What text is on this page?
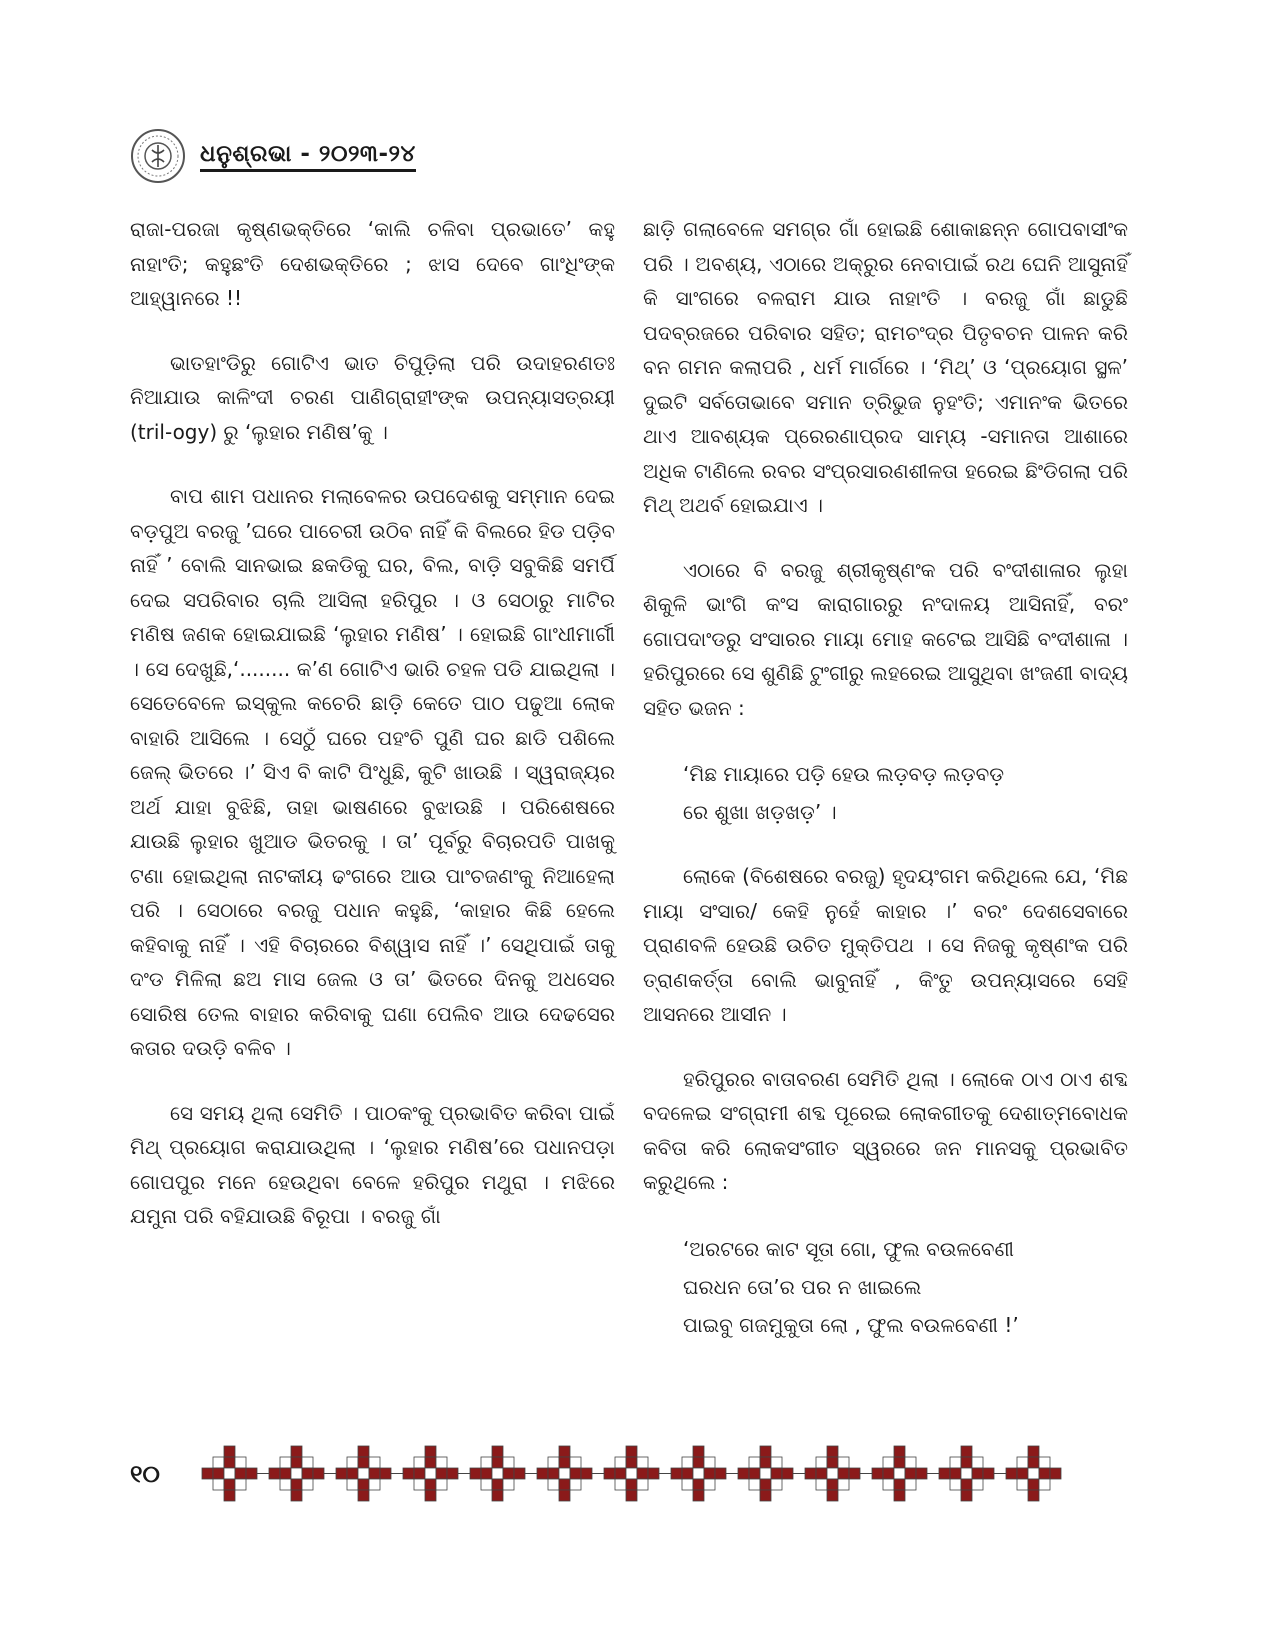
ଧନୁଶ୍ରଭା - ୨୦୨୩-୨୪

ରାଜା-ପରଜା କୃଷ୍ଣଭକ୍ତିରେ ‘କାଲି ଚଳିବା ପ୍ରଭାତେ’ କହୁ ନାହାଂତି; କହୁଛଂତି ଦେଶଭକ୍ତିରେ ; ଝାସ ଦେବେ ଗାଂଧିଂଙ୍କ ଆହ୍ୱାନରେ !!

ଭାତହାଂଡିରୁ ଗୋଟିଏ ଭାତ ଚିପୁଡ଼ିଲା ପରି ଉଦାହରଣତଃ ନିଆଯାଉ କାଳିଂଦୀ ଚରଣ ପାଣିଗ୍ରାହୀଂଙ୍କ ଉପନ୍ୟାସତ୍ରୟୀ (tril-ogy) ରୁ ‘ଲୁହାର ମଣିଷ’କୁ ।

ବାପ ଶାମ ପଧାନର ମଲାବେଳର ଉପଦେଶକୁ ସମ୍ମାନ ଦେଇ ବଡ଼ପୁଅ ବରଜୁ ’ଘରେ ପାଚେରୀ ଉଠିବ ନାହିଁ କି ବିଲରେ ହିଡ ପଡ଼ିବ ନାହିଁ ’ ବୋଲି ସାନଭାଇ ଛକଡିକୁ ଘର, ବିଲ, ବାଡ଼ି ସବୁକିଛି ସମର୍ପି ଦେଇ ସପରିବାର ଚାଲି ଆସିଲା ହରିପୁର । ଓ ସେଠାରୁ ମାଟିର ମଣିଷ ଜଣକ ହୋଇଯାଇଛି ‘ଲୁହାର ମଣିଷ’ । ହୋଇଛି ଗାଂଧୀମାର୍ଗୀ । ସେ ଦେଖୁଛି,‘........ କ’ଣ ଗୋଟିଏ ଭାରି ଚହଳ ପଡି ଯାଇଥିଲା । ସେତେବେଳେ ଇସ୍କୁଲ କଚେରି ଛାଡ଼ି କେତେ ପାଠ ପଢୁଆ ଲୋକ ବାହାରି ଆସିଲେ । ସେଠୁଁ ଘରେ ପହଂଚି ପୁଣି ଘର ଛାଡି ପଶିଲେ ଜେଲ୍ ଭିତରେ ।’ ସିଏ ବି କାଟି ପିଂଧୁଛି, କୁଟି ଖାଉଛି । ସ୍ୱରାଜ୍ୟର ଅର୍ଥ ଯାହା ବୁଝିଛି, ତାହା ଭାଷଣରେ ବୁଝାଉଛି । ପରିଶେଷରେ ଯାଉଛି ଲୁହାର ଖୁଆଡ ଭିତରକୁ । ତା’ ପୂର୍ବରୁ ବିଚାରପତି ପାଖକୁ ଟଣା ହୋଇଥିଲା ନାଟକୀୟ ଢଂଗରେ ଆଉ ପାଂଚଜଣଂକୁ ନିଆହେଲା ପରି । ସେଠାରେ ବରଜୁ ପଧାନ କହୁଛି, ‘କାହାର କିଛି ହେଲେ କହିବାକୁ ନାହିଁ । ଏହି ବିଚାରରେ ବିଶ୍ୱାସ ନାହିଁ ।’ ସେଥିପାଇଁ ତାକୁ ଦଂଡ ମିଳିଲା ଛଅ ମାସ ଜେଲ ଓ ତା’ ଭିତରେ ଦିନକୁ ଅଧସେର ସୋରିଷ ତେଲ ବାହାର କରିବାକୁ ଘଣା ପେଲିବ ଆଉ ଦେଢସେର କତାର ଦଉଡ଼ି ବଳିବ ।

ସେ ସମୟ ଥିଲା ସେମିତି । ପାଠକଂକୁ ପ୍ରଭାବିତ କରିବା ପାଇଁ ମିଥ୍ ପ୍ରୟୋଗ କରାଯାଉଥିଲା । ‘ଲୁହାର ମଣିଷ’ରେ ପଧାନପଡ଼ା ଗୋପପୁର ମନେ ହେଉଥିବା ବେଳେ ହରିପୁର ମଥୁରା । ମଝିରେ ଯମୁନା ପରି ବହିଯାଉଛି ବିରୂପା । ବରଜୁ ଗାଁ

ଛାଡ଼ି ଗଲାବେଳେ ସମଗ୍ର ଗାଁ ହୋଇଛି ଶୋକାଛନ୍ନ ଗୋପବାସୀଂକ ପରି । ଅବଶ୍ୟ, ଏଠାରେ ଅକ୍ରୁର ନେବାପାଇଁ ରଥ ଘେନି ଆସୁନାହିଁ କି ସାଂଗରେ ବଳରାମ ଯାଉ ନାହାଂତି । ବରଜୁ ଗାଁ ଛାଡୁଛି ପଦବ୍ରଜରେ ପରିବାର ସହିତ; ରାମଚଂଦ୍ର ପିତୃବଚନ ପାଳନ କରି ବନ ଗମନ କଲାପରି , ଧର୍ମ ମାର୍ଗରେ । ‘ମିଥ୍’ ଓ ‘ପ୍ରୟୋଗ ସ୍ଥଳ’ ଦୁଇଟି ସର୍ବତୋଭାବେ ସମାନ ତ୍ରିଭୁଜ ନୁହଂତି; ଏମାନଂକ ଭିତରେ ଥାଏ ଆବଶ୍ୟକ ପ୍ରେରଣାପ୍ରଦ ସାମ୍ୟ -ସମାନତା ଆଶାରେ ଅଧିକ ଟାଣିଲେ ରବର ସଂପ୍ରସାରଣଶୀଳତା ହରେଇ ଛିଂଡିଗଲା ପରି ମିଥ୍ ଅଥର୍ବ ହୋଇଯାଏ ।

ଏଠାରେ ବି ବରଜୁ ଶ୍ରୀକୃଷ୍ଣଂକ ପରି ବଂଦୀଶାଳାର ଲୁହା ଶିକୁଳି ଭାଂଗି କଂସ କାରାଗାରରୁ ନଂଦାଳୟ ଆସିନାହିଁ, ବରଂ ଗୋପଦାଂଡରୁ ସଂସାରର ମାୟା ମୋହ କଟେଇ ଆସିଛି ବଂଦୀଶାଳା । ହରିପୁରରେ ସେ ଶୁଣିଛି ଟୁଂଗୀରୁ ଲହରେଇ ଆସୁଥିବା ଖଂଜଣୀ ବାଦ୍ୟ ସହିତ ଭଜନ :

‘ମିଛ ମାୟାରେ ପଡ଼ି ହେଉ ଲଡ଼ବଡ଼ ଲଡ଼ବଡ଼
ରେ ଶୁଖା ଖଡ଼ଖଡ଼’ ।

ଲୋକେ (ବିଶେଷରେ ବରଜୁ) ହୃଦୟଂଗମ କରିଥିଲେ ଯେ, ‘ମିଛ ମାୟା ସଂସାର/ କେହି ନୁହେଁ କାହାର ।’ ବରଂ ଦେଶସେବାରେ ପ୍ରାଣବଳି ହେଉଛି ଉଚିତ ମୁକ୍ତିପଥ । ସେ ନିଜକୁ କୃଷ୍ଣଂକ ପରି ତ୍ରାଣକର୍ତ୍ତା ବୋଲି ଭାବୁନାହିଁ , କିଂତୁ ଉପନ୍ୟାସରେ ସେହି ଆସନରେ ଆସୀନ ।

ହରିପୁରର ବାତାବରଣ ସେମିତି ଥିଲା । ଲୋକେ ଠାଏ ଠାଏ ଶବ୍ଦ ବଦଳେଇ ସଂଗ୍ରାମୀ ଶବ୍ଦ ପୂରେଇ ଲୋକଗୀତକୁ ଦେଶାତ୍ମବୋଧକ କବିତା କରି ଲୋକସଂଗୀତ ସ୍ୱରରେ ଜନ ମାନସକୁ ପ୍ରଭାବିତ କରୁଥିଲେ :

‘ଅରଟରେ କାଟ ସୂତା ଗୋ, ଫୁଲ ବଉଳବେଣୀ
ଘରଧନ ତୋ’ର ପର ନ ଖାଇଲେ
ପାଇବୁ ଗଜମୁକୁତା ଲୋ , ଫୁଲ ବଉଳବେଣୀ !’
୧୦
